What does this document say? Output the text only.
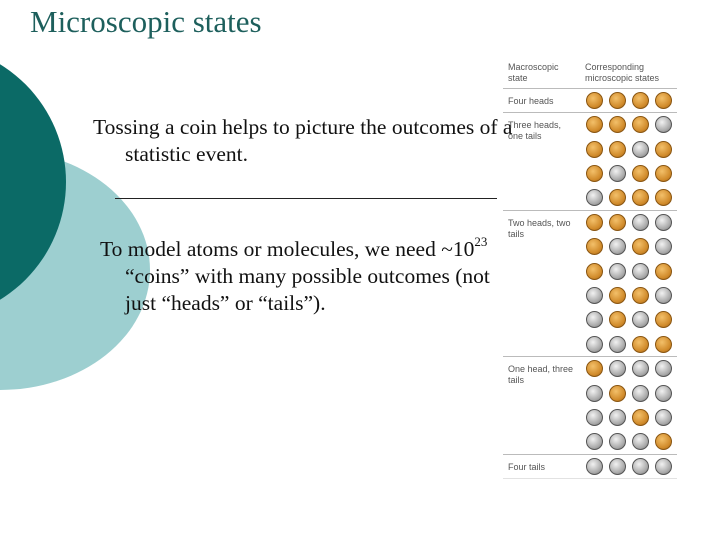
Microscopic states

Tossing a coin helps to picture the outcomes of a statistic event.

To model atoms or molecules, we need $\sim 10^{23}$ “coins” with many possible outcomes (not just “heads” or “tails”).

Macroscopic state
Corresponding microscopic states
Four heads
Three heads, one tails
Two heads, two tails
One head, three tails
Four tails
